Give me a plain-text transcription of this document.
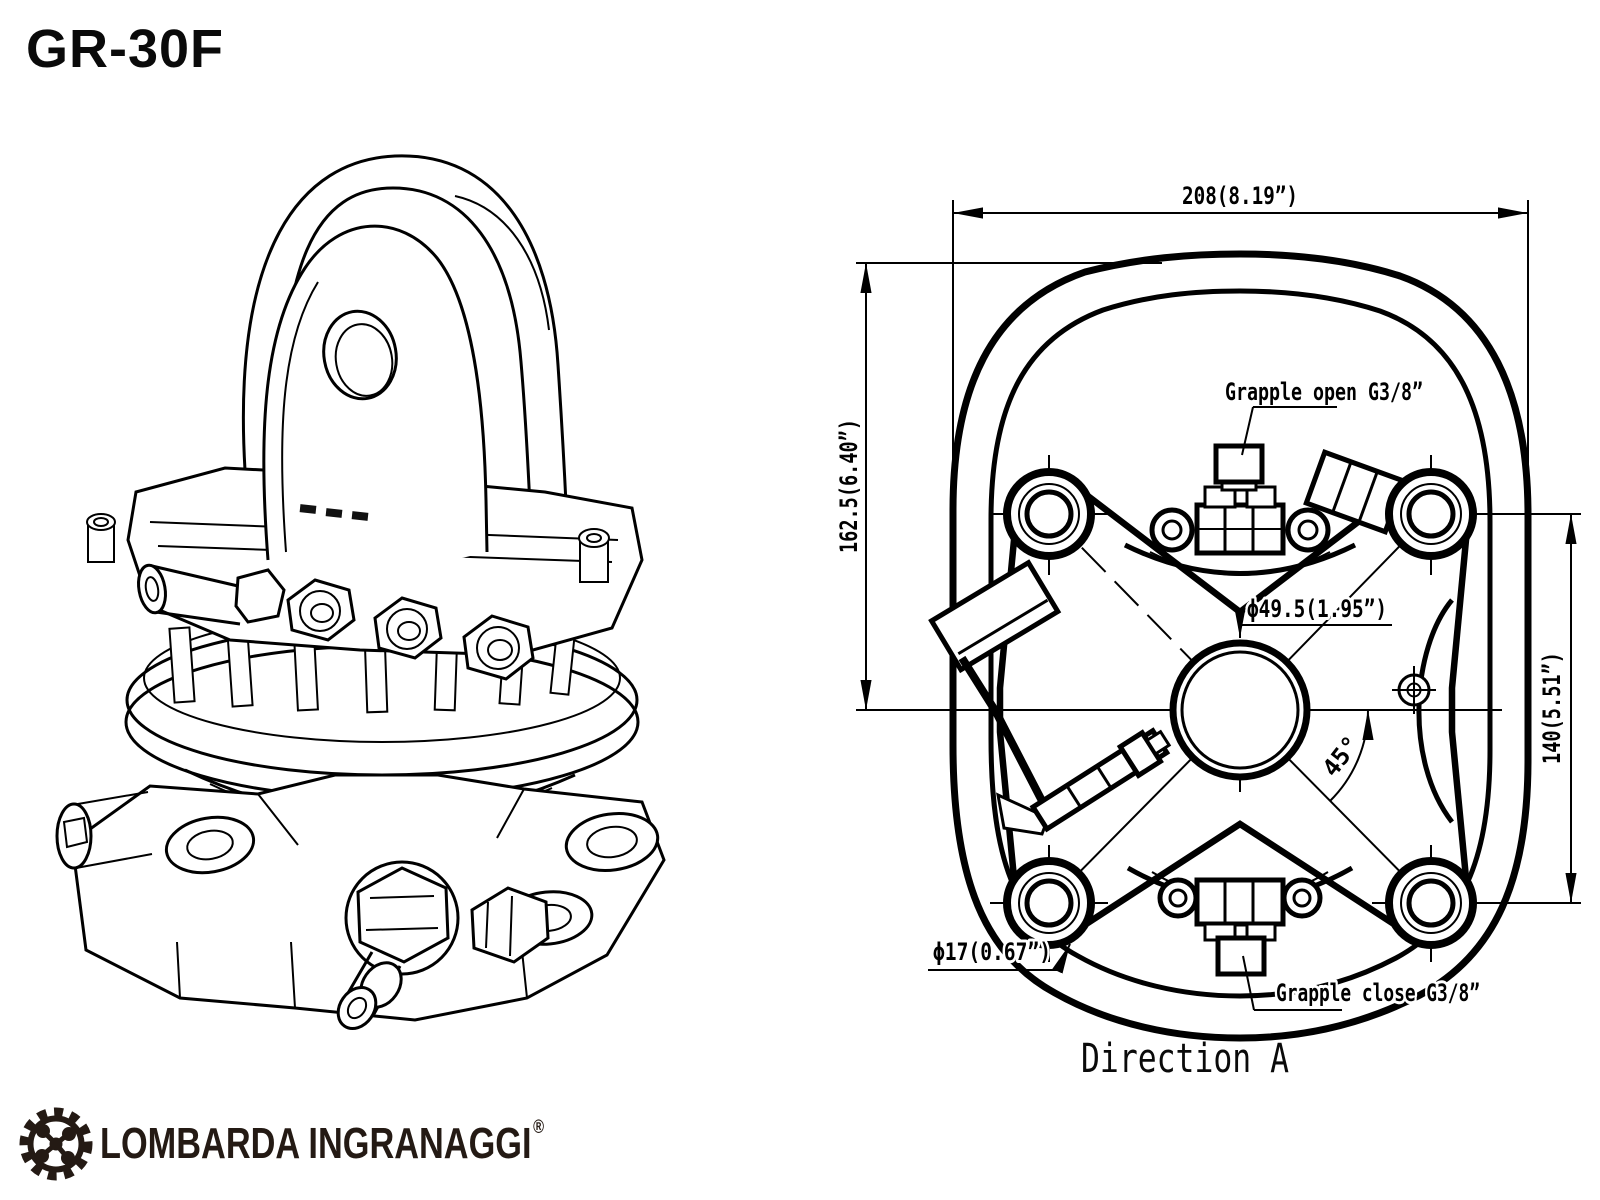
GR-30F
45°
208(8.19”)
162.5(6.40”)
140(5.51”)
ϕ49.5(1.95”)
ϕ17(0.67”)
Grapple open G3/8”
Grapple close G3/8”
Direction A
LOMBARDA INGRANAGGI ®
